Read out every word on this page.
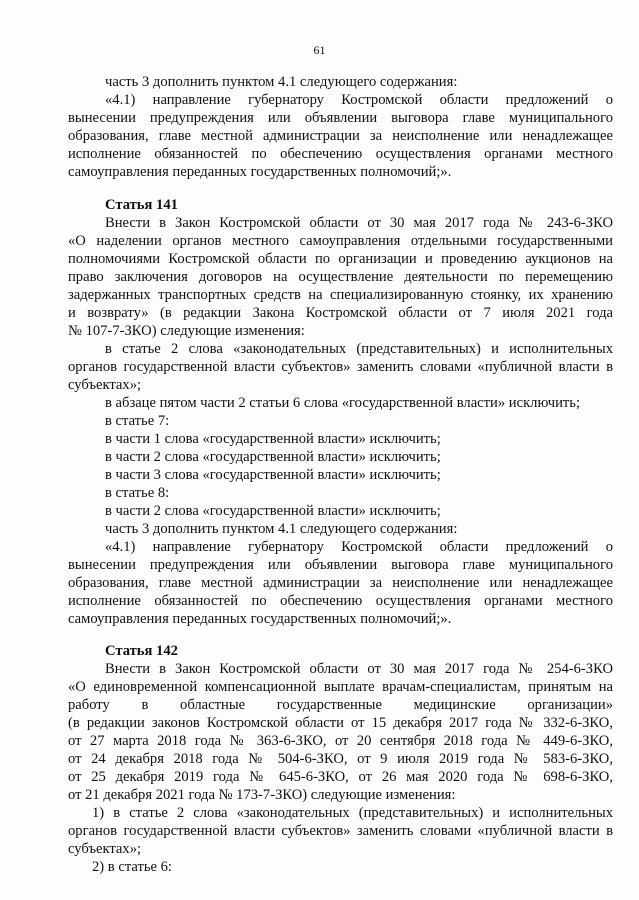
61
часть 3 дополнить пунктом 4.1 следующего содержания:
«4.1) направление губернатору Костромской области предложений о
вынесении предупреждения или объявлении выговора главе муниципального
образования, главе местной администрации за неисполнение или ненадлежащее
исполнение обязанностей по обеспечению осуществления органами местного
самоуправления переданных государственных полномочий;».
Статья 141
Внести в Закон Костромской области от 30 мая 2017 года № 243-6-ЗКО
«О наделении органов местного самоуправления отдельными государственными
полномочиями Костромской области по организации и проведению аукционов на
право заключения договоров на осуществление деятельности по перемещению
задержанных транспортных средств на специализированную стоянку, их хранению
и возврату» (в редакции Закона Костромской области от 7 июля 2021 года
№ 107-7-ЗКО) следующие изменения:
в статье 2 слова «законодательных (представительных) и исполнительных
органов государственной власти субъектов» заменить словами «публичной власти в
субъектах»;
в абзаце пятом части 2 статьи 6 слова «государственной власти» исключить;
в статье 7:
в части 1 слова «государственной власти» исключить;
в части 2 слова «государственной власти» исключить;
в части 3 слова «государственной власти» исключить;
в статье 8:
в части 2 слова «государственной власти» исключить;
часть 3 дополнить пунктом 4.1 следующего содержания:
«4.1) направление губернатору Костромской области предложений о
вынесении предупреждения или объявлении выговора главе муниципального
образования, главе местной администрации за неисполнение или ненадлежащее
исполнение обязанностей по обеспечению осуществления органами местного
самоуправления переданных государственных полномочий;».
Статья 142
Внести в Закон Костромской области от 30 мая 2017 года № 254-6-ЗКО
«О единовременной компенсационной выплате врачам-специалистам, принятым на
работу в областные государственные медицинские организации»
(в редакции законов Костромской области от 15 декабря 2017 года № 332-6-ЗКО,
от 27 марта 2018 года № 363-6-ЗКО, от 20 сентября 2018 года № 449-6-ЗКО,
от 24 декабря 2018 года № 504-6-ЗКО, от 9 июля 2019 года № 583-6-ЗКО,
от 25 декабря 2019 года № 645-6-ЗКО, от 26 мая 2020 года № 698-6-ЗКО,
от 21 декабря 2021 года № 173-7-ЗКО) следующие изменения:
1) в статье 2 слова «законодательных (представительных) и исполнительных
органов государственной власти субъектов» заменить словами «публичной власти в
субъектах»;
2) в статье 6:
